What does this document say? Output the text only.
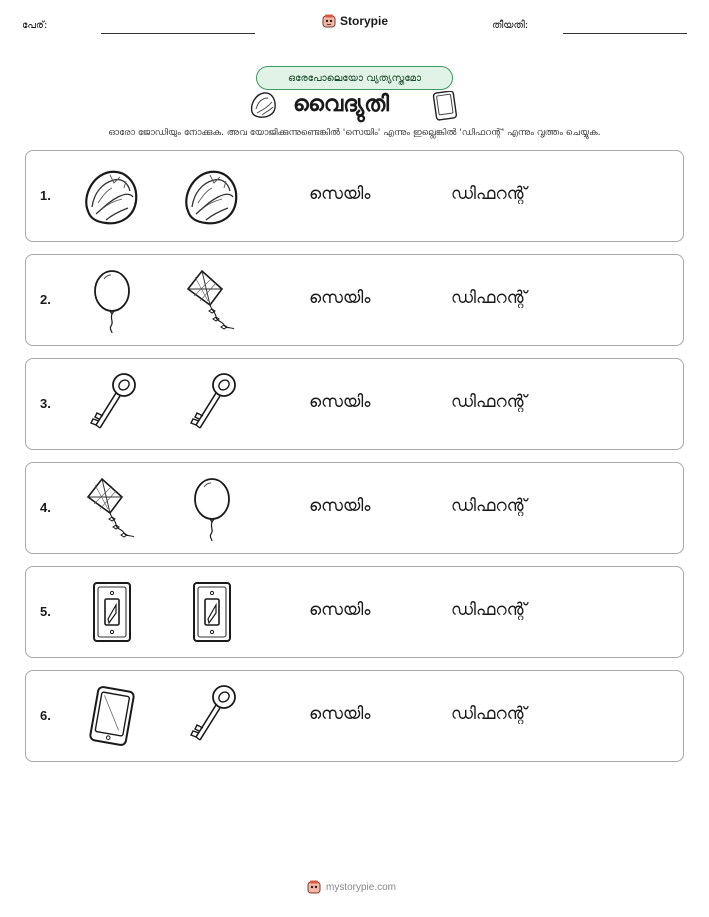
പേര്:	Storypie	തീയതി:
ഒരേപോലെയോ വ്യത്യസ്തമോ
വൈദ്യുതി
ഓരോ ജോഡിയും നോക്കുക. അവ യോജിക്കുന്നുണ്ടെങ്കിൽ 'സെയിം' എന്നും ഇല്ലെങ്കിൽ 'ഡിഫറന്റ്' എന്നും വൃത്തം ചെയ്യുക.
1.	സെയിം	ഡിഫറന്റ്
2.	സെയിം	ഡിഫറന്റ്
3.	സെയിം	ഡിഫറന്റ്
4.	സെയിം	ഡിഫറന്റ്
5.	സെയിം	ഡിഫറന്റ്
6.	സെയിം	ഡിഫറന്റ്
mystorypie.com
